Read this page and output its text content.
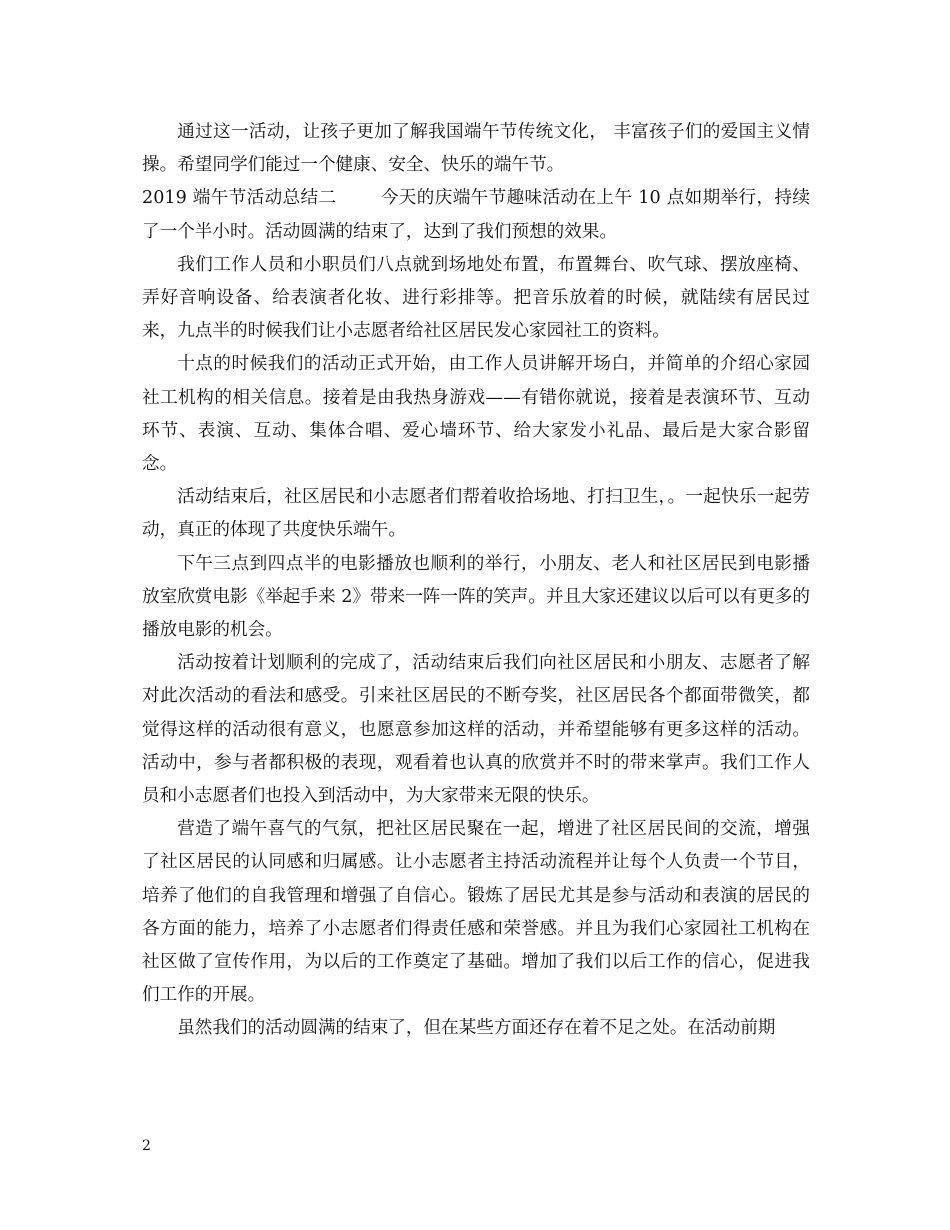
通过这一活动，让孩子更加了解我国端午节传统文化， 丰富孩子们的爱国主义情操。希望同学们能过一个健康、安全、快乐的端午节。

2019 端午节活动总结二	今天的庆端午节趣味活动在上午 10 点如期举行，持续了一个半小时。活动圆满的结束了，达到了我们预想的效果。

我们工作人员和小职员们八点就到场地处布置，布置舞台、吹气球、摆放座椅、弄好音响设备、给表演者化妆、进行彩排等。把音乐放着的时候，就陆续有居民过来，九点半的时候我们让小志愿者给社区居民发心家园社工的资料。

十点的时候我们的活动正式开始，由工作人员讲解开场白，并简单的介绍心家园社工机构的相关信息。接着是由我热身游戏——有错你就说，接着是表演环节、互动环节、表演、互动、集体合唱、爱心墙环节、给大家发小礼品、最后是大家合影留念。

活动结束后，社区居民和小志愿者们帮着收拾场地、打扫卫生，。一起快乐一起劳动，真正的体现了共度快乐端午。

下午三点到四点半的电影播放也顺利的举行，小朋友、老人和社区居民到电影播放室欣赏电影《举起手来 2》带来一阵一阵的笑声。并且大家还建议以后可以有更多的播放电影的机会。

活动按着计划顺利的完成了，活动结束后我们向社区居民和小朋友、志愿者了解对此次活动的看法和感受。引来社区居民的不断夸奖，社区居民各个都面带微笑，都觉得这样的活动很有意义，也愿意参加这样的活动，并希望能够有更多这样的活动。活动中，参与者都积极的表现，观看着也认真的欣赏并不时的带来掌声。我们工作人员和小志愿者们也投入到活动中，为大家带来无限的快乐。

营造了端午喜气的气氛，把社区居民聚在一起，增进了社区居民间的交流，增强了社区居民的认同感和归属感。让小志愿者主持活动流程并让每个人负责一个节目，培养了他们的自我管理和增强了自信心。锻炼了居民尤其是参与活动和表演的居民的各方面的能力，培养了小志愿者们得责任感和荣誉感。并且为我们心家园社工机构在社区做了宣传作用，为以后的工作奠定了基础。增加了我们以后工作的信心，促进我们工作的开展。

虽然我们的活动圆满的结束了，但在某些方面还存在着不足之处。在活动前期

2
